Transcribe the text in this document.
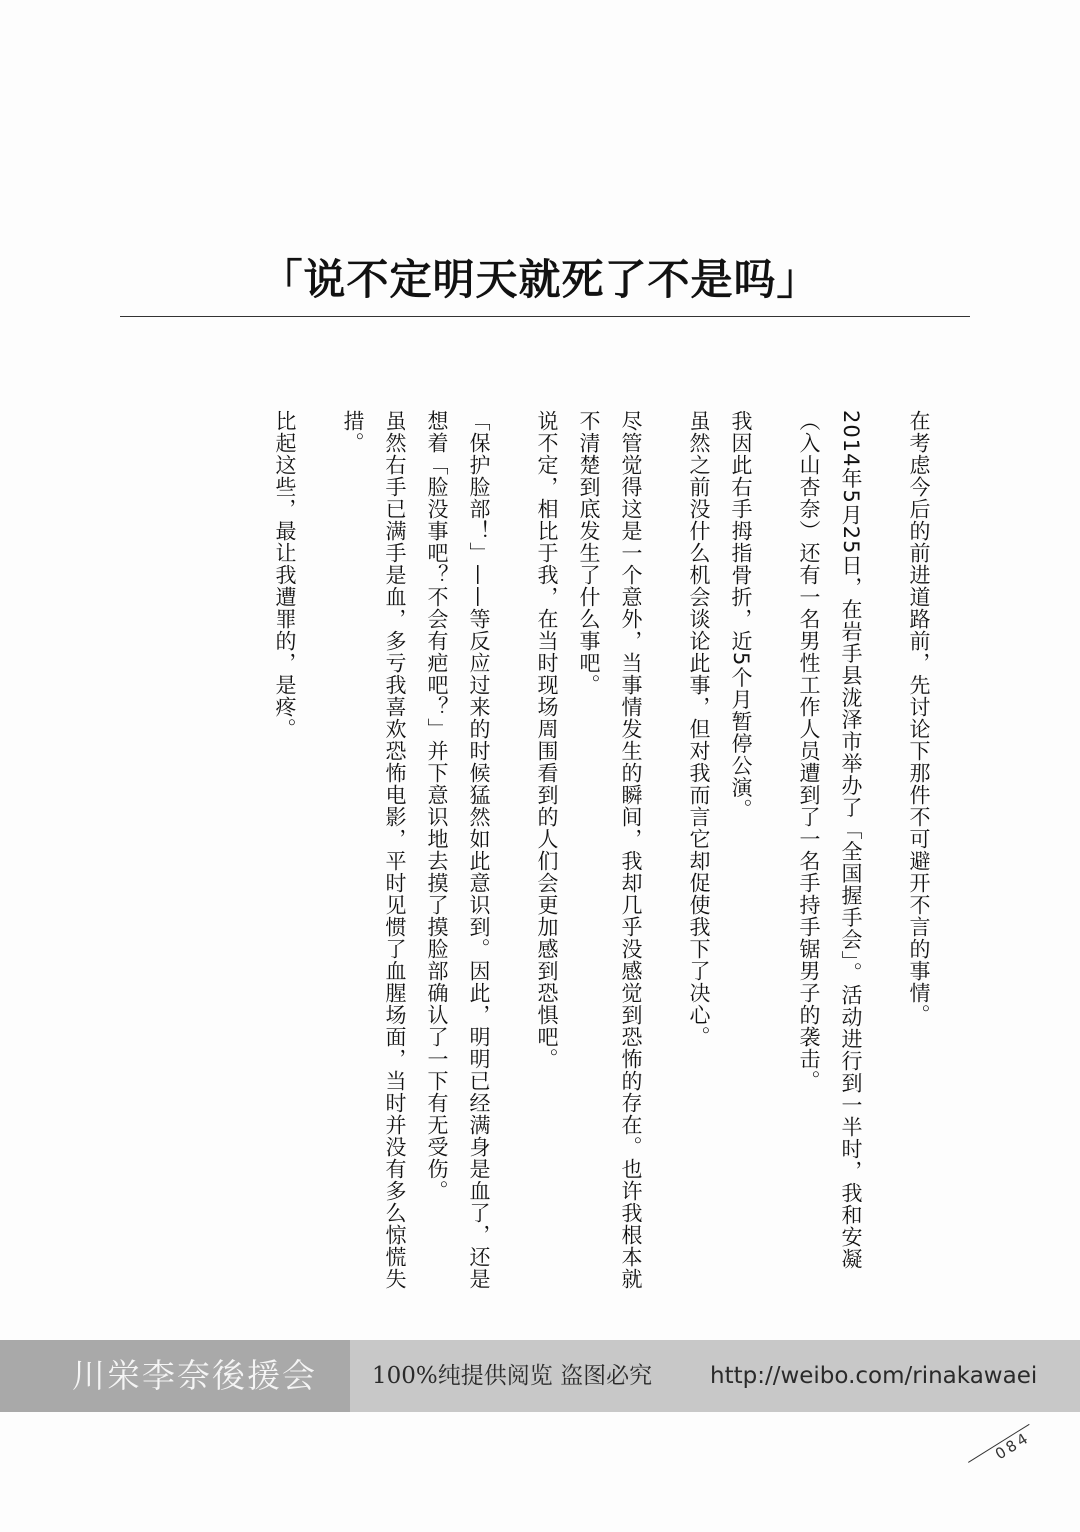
「说不定明天就死了不是吗」

在考虑今后的前进道路前，先讨论下那件不可避开不言的事情。

2014年5月25日，在岩手县泷泽市举办了「全国握手会」。活动进行到一半时，我和安凝（入山杏奈）还有一名男性工作人员遭到了一名手持手锯男子的袭击。

我因此右手拇指骨折，近5个月暂停公演。

虽然之前没什么机会谈论此事，但对我而言它却促使我下了决心。

尽管觉得这是一个意外，当事情发生的瞬间，我却几乎没感觉到恐怖的存在。也许我根本就不清楚到底发生了什么事吧。

说不定，相比于我，在当时现场周围看到的人们会更加感到恐惧吧。

「保护脸部！」——等反应过来的时候猛然如此意识到。因此，明明已经满身是血了，还是想着「脸没事吧？不会有疤吧？」并下意识地去摸了摸脸部确认了一下有无受伤。

虽然右手已满手是血，多亏我喜欢恐怖电影，平时见惯了血腥场面，当时并没有多么惊慌失措。

比起这些，最让我遭罪的，是疼。

川栄李奈後援会 100%纯提供阅览 盗图必究	http://weibo.com/rinakawaei
084
